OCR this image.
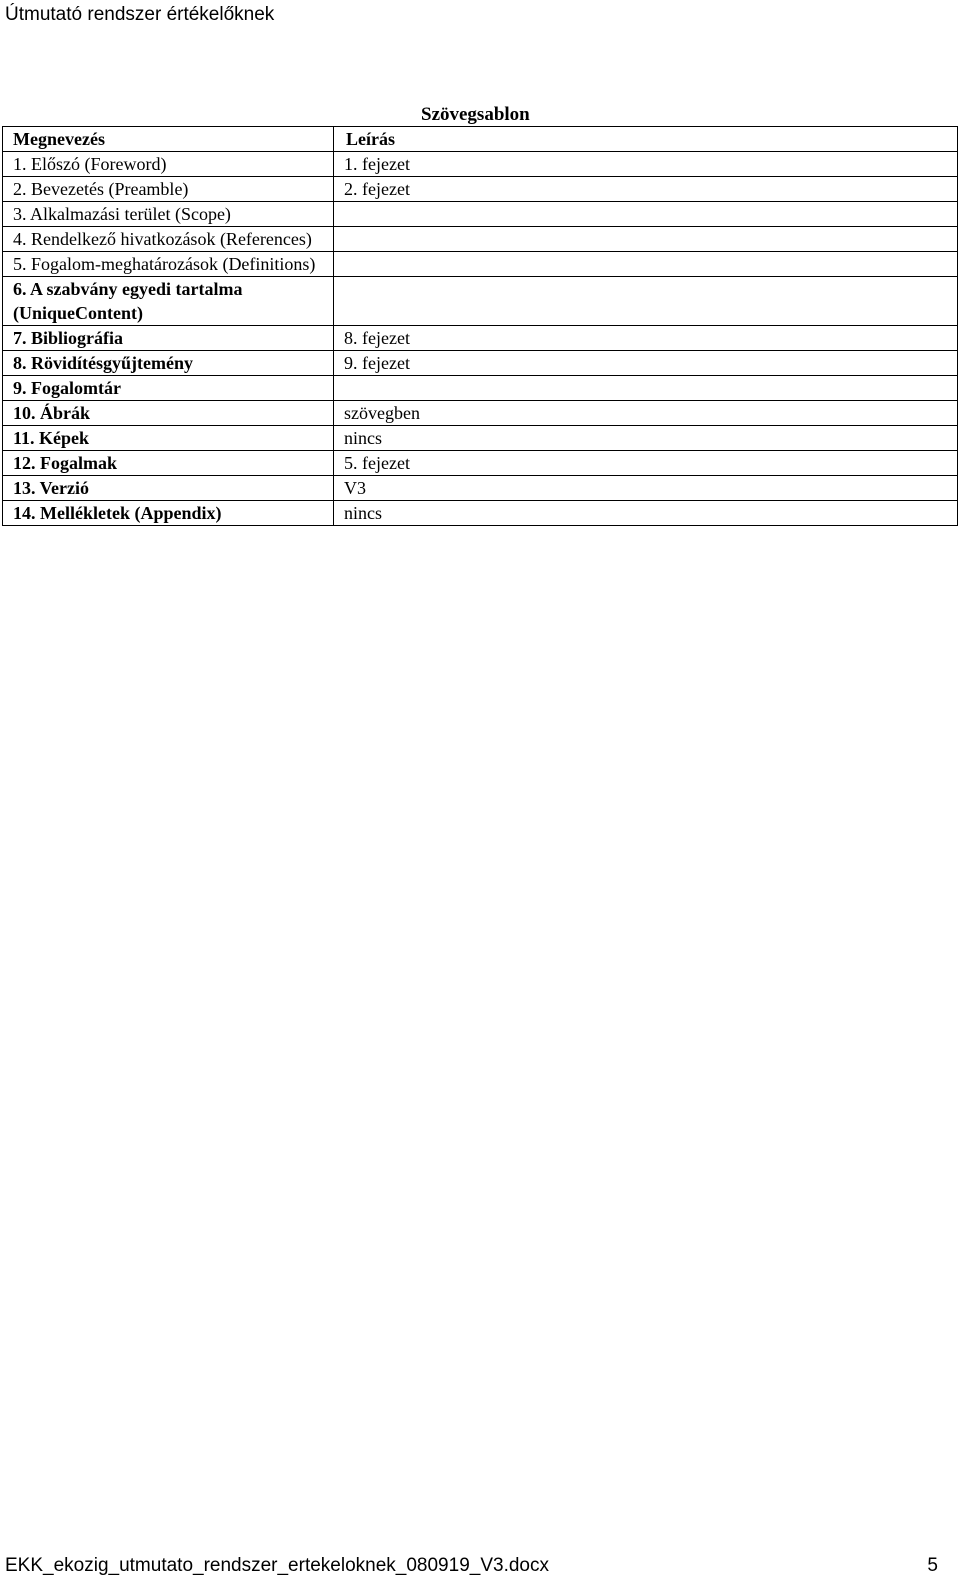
Útmutató rendszer értékelőknek
Szövegsablon
Megnevezés	Leírás
1. Előszó (Foreword)	1. fejezet
2. Bevezetés (Preamble)	2. fejezet
3. Alkalmazási terület (Scope)	
4. Rendelkező hivatkozások (References)	
5. Fogalom-meghatározások (Definitions)	
6. A szabvány egyedi tartalma (UniqueContent)	
7. Bibliográfia	8. fejezet
8. Rövidítésgyűjtemény	9. fejezet
9. Fogalomtár	
10. Ábrák	szövegben
11. Képek	nincs
12. Fogalmak	5. fejezet
13. Verzió	V3
14. Mellékletek (Appendix)	nincs
EKK_ekozig_utmutato_rendszer_ertekeloknek_080919_V3.docx	5
